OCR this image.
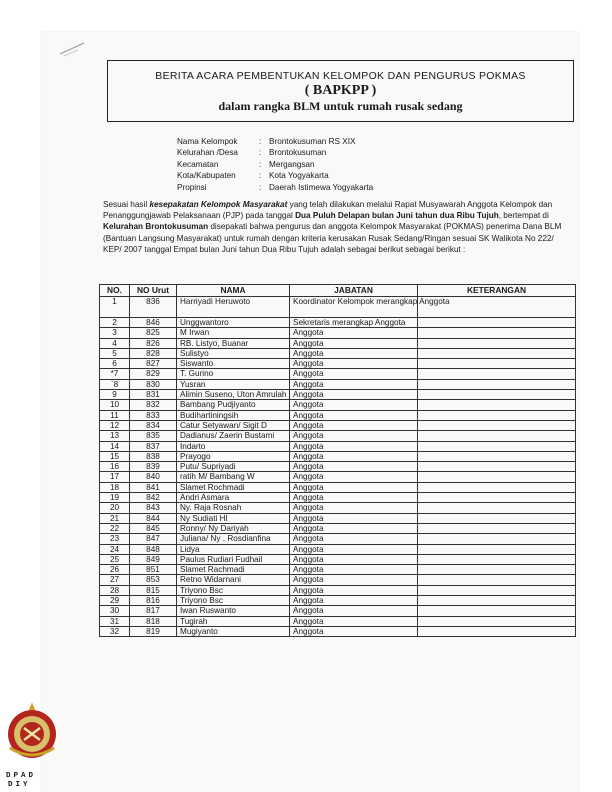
BERITA ACARA PEMBENTUKAN KELOMPOK DAN PENGURUS POKMAS
( BAPKPP )
dalam rangka BLM untuk rumah rusak sedang
Nama Kelompok	: Brontokusuman RS XIX
Kelurahan /Desa	: Brontokusuman
Kecamatan	: Mergangsan
Kota/Kabupaten	: Kota Yogyakarta
Propinsi	: Daerah Istimewa Yogyakarta
Sesuai hasil kesepakatan Kelompok Masyarakat yang telah dilakukan melalui Rapat Musyawarah Anggota Kelompok dan Penanggungjawab Pelaksanaan (PJP) pada tanggal Dua Puluh Delapan bulan Juni tahun dua Ribu Tujuh, bertempat di Kelurahan Brontokusuman disepakati bahwa pengurus dan anggota Kelompok Masyarakat (POKMAS) penerima Dana BLM (Bantuan Langsung Masyarakat) untuk rumah dengan kriteria kerusakan Rusak Sedang/Ringan sesuai SK Walikota No 222/ KEP/ 2007 tanggal Empat bulan Juni tahun Dua Ribu Tujuh adalah sebagai berikut sebagai berikut :
NO.	NO Urut	NAMA	JABATAN	KETERANGAN
1	836	Harriyadi Heruwoto	Koordinator Kelompok merangkap Anggota	
2	846	Unggwantoro	Sekretaris merangkap Anggota	
3	825	M Irwan	Anggota	
4	826	RB. Listyo, Buanar	Anggota	
5	828	Sulistyo	Anggota	
6	827	Siswanto	Anggota	
*7	829	T. Gurino	Anggota	
`8	830	Yusran	Anggota	
9	831	Alimin Suseno, Uton Amrulah	Anggota	
10	832	Bambang Pudjiyanto	Anggota	
11	833	Budihartiningsih	Anggota	
12	834	Catur Setyawan/ Sigit D	Anggota	
13	835	Dadianus/ Zaerin Bustami	Anggota	
14	837	Indarto	Anggota	
15	838	Prayogo	Anggota	
16	839	Putu/ Supriyadi	Anggota	
17	840	ratih M/ Bambang W	Anggota	
18	841	Slamet Rochmadi	Anggota	
19	842	Andri Asmara	Anggota	
20	843	Ny. Raja Rosnah	Anggota	
21	844	Ny Sudiati HI	Anggota	
22	845	Ronny/ Ny Dariyah	Anggota	
23	847	Juliana/ Ny . Rosdianfina	Anggota	
24	848	Lidya	Anggota	
25	849	Paulus Rudiari Fudhail	Anggota	
26	851	Slamet Rachmadi	Anggota	
27	853	Retno Widarnani	Anggota	
28	815	Triyono Bsc	Anggota	
29	816	Triyono Bsc	Anggota	
30	817	Iwan Ruswanto	Anggota	
31	818	Tugirah	Anggota	
32	819	Mugiyanto	Anggota	
DPAD
DIY
